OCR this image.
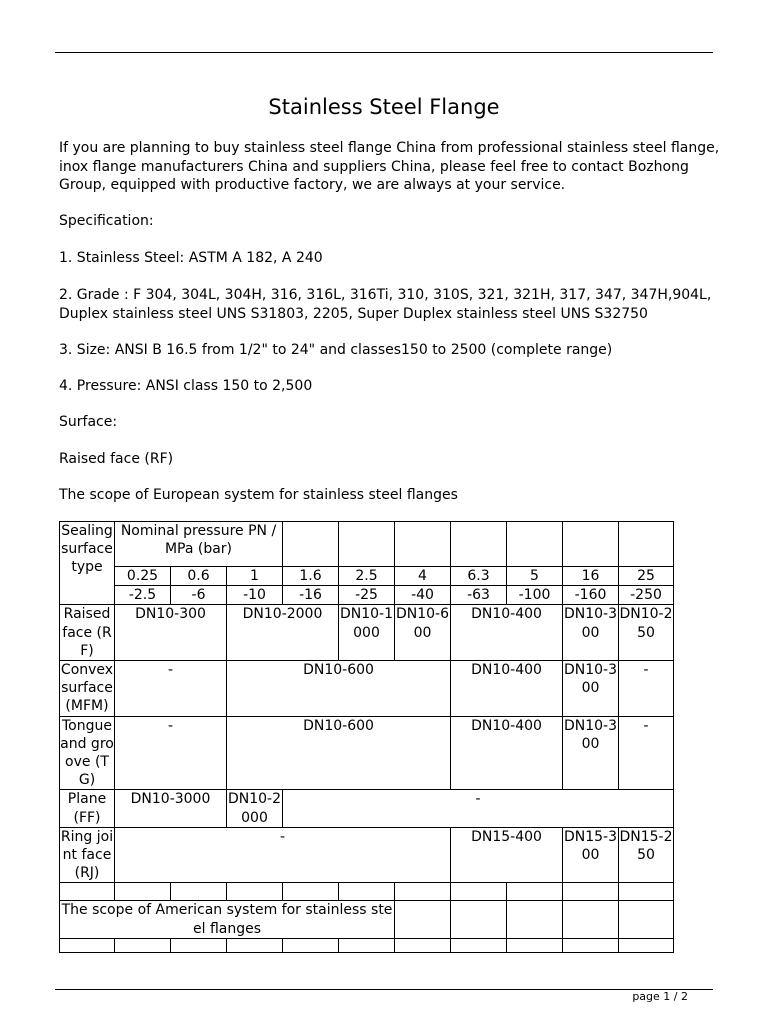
Stainless Steel Flange
If you are planning to buy stainless steel flange China from professional stainless steel flange,
inox flange manufacturers China and suppliers China, please feel free to contact Bozhong
Group, equipped with productive factory, we are always at your service.
Specification:
1. Stainless Steel: ASTM A 182, A 240
2. Grade : F 304, 304L, 304H, 316, 316L, 316Ti, 310, 310S, 321, 321H, 317, 347, 347H,904L,
Duplex stainless steel UNS S31803, 2205, Super Duplex stainless steel UNS S32750
3. Size: ANSI B 16.5 from 1/2" to 24" and classes150 to 2500 (complete range)
4. Pressure: ANSI class 150 to 2,500
Surface:
Raised face (RF)
The scope of European system for stainless steel flanges
Sealing surface type	Nominal pressure PN / MPa (bar)									
	0.25	0.6	1	1.6	2.5	4	6.3	5	16	25
	-2.5	-6	-10	-16	-25	-40	-63	-100	-160	-250
Raised face (RF)	DN10-300		DN10-2000		DN10-1000	DN10-600	DN10-400		DN10-300	DN10-250
Convex surface (MFM)	-		DN10-600				DN10-400		DN10-300	-
Tongue and groove (TG)	-		DN10-600				DN10-400		DN10-300	-
Plane (FF)	DN10-3000		DN10-2000	-						
Ring joint face (RJ)	-						DN15-400		DN15-300	DN15-250

The scope of American system for stainless steel flanges										

page 1 / 2
